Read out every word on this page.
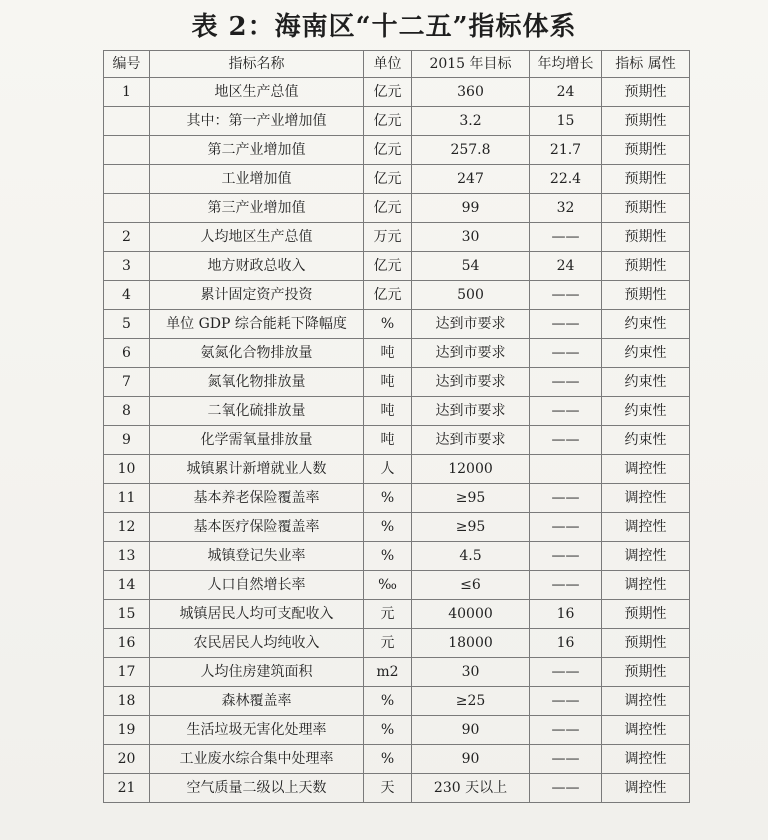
表 2：海南区“十二五”指标体系
编号	指标名称	单位	2015 年目标	年均增长	指标 属性
1	地区生产总值	亿元	360	24	预期性
	其中：第一产业增加值	亿元	3.2	15	预期性
	第二产业增加值	亿元	257.8	21.7	预期性
	工业增加值	亿元	247	22.4	预期性
	第三产业增加值	亿元	99	32	预期性
2	人均地区生产总值	万元	30	——	预期性
3	地方财政总收入	亿元	54	24	预期性
4	累计固定资产投资	亿元	500	——	预期性
5	单位 GDP 综合能耗下降幅度	%	达到市要求	——	约束性
6	氨氮化合物排放量	吨	达到市要求	——	约束性
7	氮氧化物排放量	吨	达到市要求	——	约束性
8	二氧化硫排放量	吨	达到市要求	——	约束性
9	化学需氧量排放量	吨	达到市要求	——	约束性
10	城镇累计新增就业人数	人	12000		调控性
11	基本养老保险覆盖率	%	≥95	——	调控性
12	基本医疗保险覆盖率	%	≥95	——	调控性
13	城镇登记失业率	%	4.5	——	调控性
14	人口自然增长率	‰	≤6	——	调控性
15	城镇居民人均可支配收入	元	40000	16	预期性
16	农民居民人均纯收入	元	18000	16	预期性
17	人均住房建筑面积	m2	30	——	预期性
18	森林覆盖率	%	≥25	——	调控性
19	生活垃圾无害化处理率	%	90	——	调控性
20	工业废水综合集中处理率	%	90	——	调控性
21	空气质量二级以上天数	天	230 天以上	——	调控性
